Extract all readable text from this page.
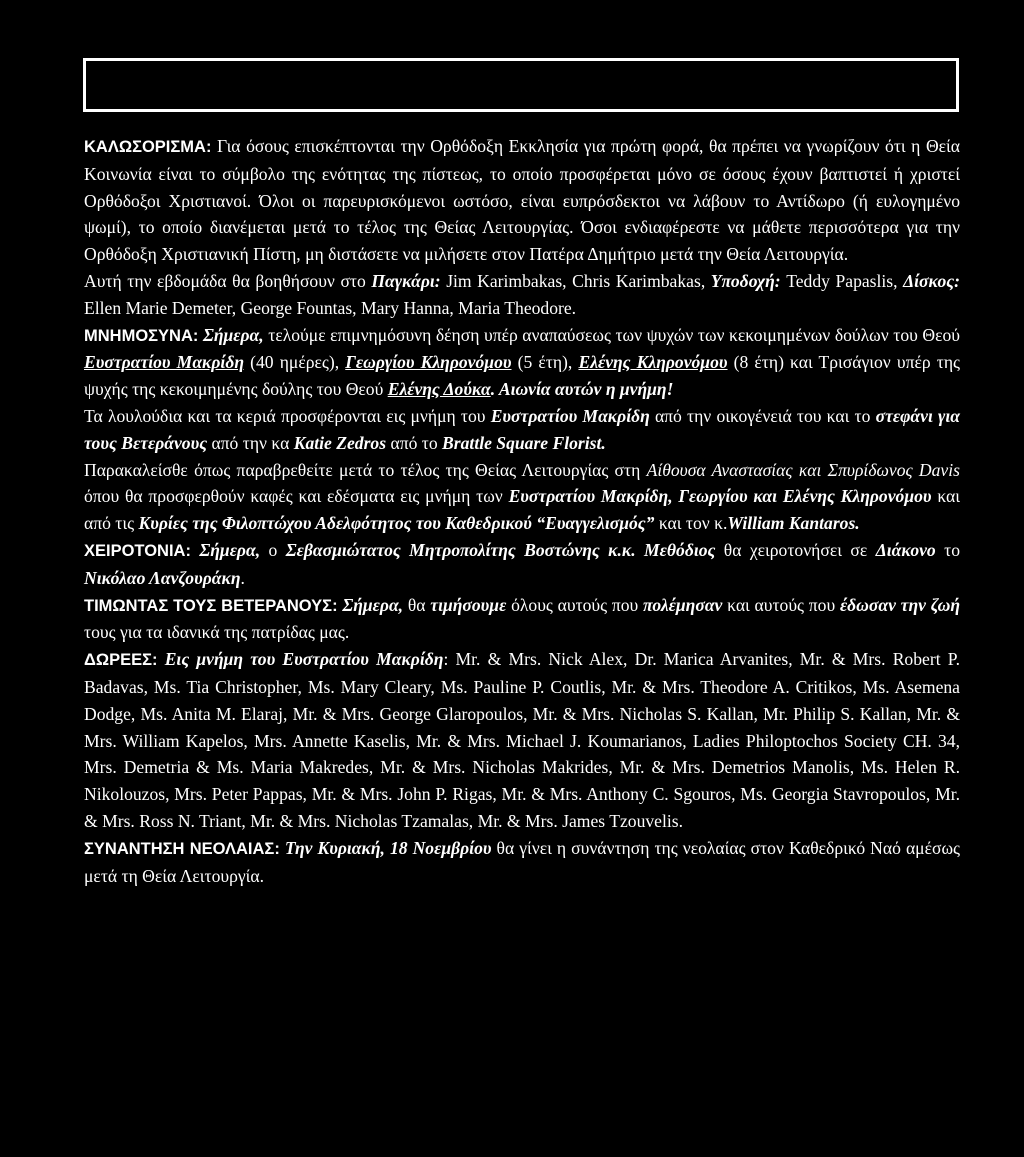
ΚΑΛΩΣΟΡΙΣΜΑ: Για όσους επισκέπτονται την Ορθόδοξη Εκκλησία για πρώτη φορά, θα πρέπει να γνωρίζουν ότι η Θεία Κοινωνία είναι το σύμβολο της ενότητας της πίστεως, το οποίο προσφέρεται μόνο σε όσους έχουν βαπτιστεί ή χριστεί Ορθόδοξοι Χριστιανοί. Όλοι οι παρευρισκόμενοι ωστόσο, είναι ευπρόσδεκτοι να λάβουν το Αντίδωρο (ή ευλογημένο ψωμί), το οποίο διανέμεται μετά το τέλος της Θείας Λειτουργίας. Όσοι ενδιαφέρεστε να μάθετε περισσότερα για την Ορθόδοξη Χριστιανική Πίστη, μη διστάσετε να μιλήσετε στον Πατέρα Δημήτριο μετά την Θεία Λειτουργία.

Αυτή την εβδομάδα θα βοηθήσουν στο Παγκάρι: Jim Karimbakas, Chris Karimbakas, Υποδοχή: Teddy Papaslis, Δίσκος: Ellen Marie Demeter, George Fountas, Mary Hanna, Maria Theodore.

ΜΝΗΜΟΣΥΝΑ: Σήμερα, τελούμε επιμνημόσυνη δέηση υπέρ αναπαύσεως των ψυχών των κεκοιμημένων δούλων του Θεού Ευστρατίου Μακρίδη (40 ημέρες), Γεωργίου Κληρονόμου (5 έτη), Ελένης Κληρονόμου (8 έτη) και Τρισάγιον υπέρ της ψυχής της κεκοιμημένης δούλης του Θεού Ελένης Δούκα. Αιωνία αυτών η μνήμη!

Τα λουλούδια και τα κεριά προσφέρονται εις μνήμη του Ευστρατίου Μακρίδη από την οικογένειά του και το στεφάνι για τους Βετεράνους από την κα Katie Zedros από το Brattle Square Florist.

Παρακαλείσθε όπως παραβρεθείτε μετά το τέλος της Θείας Λειτουργίας στη Αίθουσα Αναστασίας και Σπυρίδωνος Davis όπου θα προσφερθούν καφές και εδέσματα εις μνήμη των Ευστρατίου Μακρίδη, Γεωργίου και Ελένης Κληρονόμου και από τις Κυρίες της Φιλοπτώχου Αδελφότητος του Καθεδρικού “Ευαγγελισμός” και τον κ.William Kantaros.

ΧΕΙΡΟΤΟΝΙΑ: Σήμερα, ο Σεβασμιώτατος Μητροπολίτης Βοστώνης κ.κ. Μεθόδιος θα χειροτονήσει σε Διάκονο το Νικόλαο Λανζουράκη.

ΤΙΜΩΝΤΑΣ ΤΟΥΣ ΒΕΤΕΡΑΝΟΥΣ: Σήμερα, θα τιμήσουμε όλους αυτούς που πολέμησαν και αυτούς που έδωσαν την ζωή τους για τα ιδανικά της πατρίδας μας.

ΔΩΡΕΕΣ: Εις μνήμη του Ευστρατίου Μακρίδη: Mr. & Mrs. Nick Alex, Dr. Marica Arvanites, Mr. & Mrs. Robert P. Badavas, Ms. Tia Christopher, Ms. Mary Cleary, Ms. Pauline P. Coutlis, Mr. & Mrs. Theodore A. Critikos, Ms. Asemena Dodge, Ms. Anita M. Elaraj, Mr. & Mrs. George Glaropoulos, Mr. & Mrs. Nicholas S. Kallan, Mr. Philip S. Kallan, Mr. & Mrs. William Kapelos, Mrs. Annette Kaselis, Mr. & Mrs. Michael J. Koumarianos, Ladies Philoptochos Society CH. 34, Mrs. Demetria & Ms. Maria Makredes, Mr. & Mrs. Nicholas Makrides, Mr. & Mrs. Demetrios Manolis, Ms. Helen R. Nikolouzos, Mrs. Peter Pappas, Mr. & Mrs. John P. Rigas, Mr. & Mrs. Anthony C. Sgouros, Ms. Georgia Stavropoulos, Mr. & Mrs. Ross N. Triant, Mr. & Mrs. Nicholas Tzamalas, Mr. & Mrs. James Tzouvelis.

ΣΥΝΑΝΤΗΣΗ ΝΕΟΛΑΙΑΣ: Την Κυριακή, 18 Νοεμβρίου θα γίνει η συνάντηση της νεολαίας στον Καθεδρικό Ναό αμέσως μετά τη Θεία Λειτουργία.
